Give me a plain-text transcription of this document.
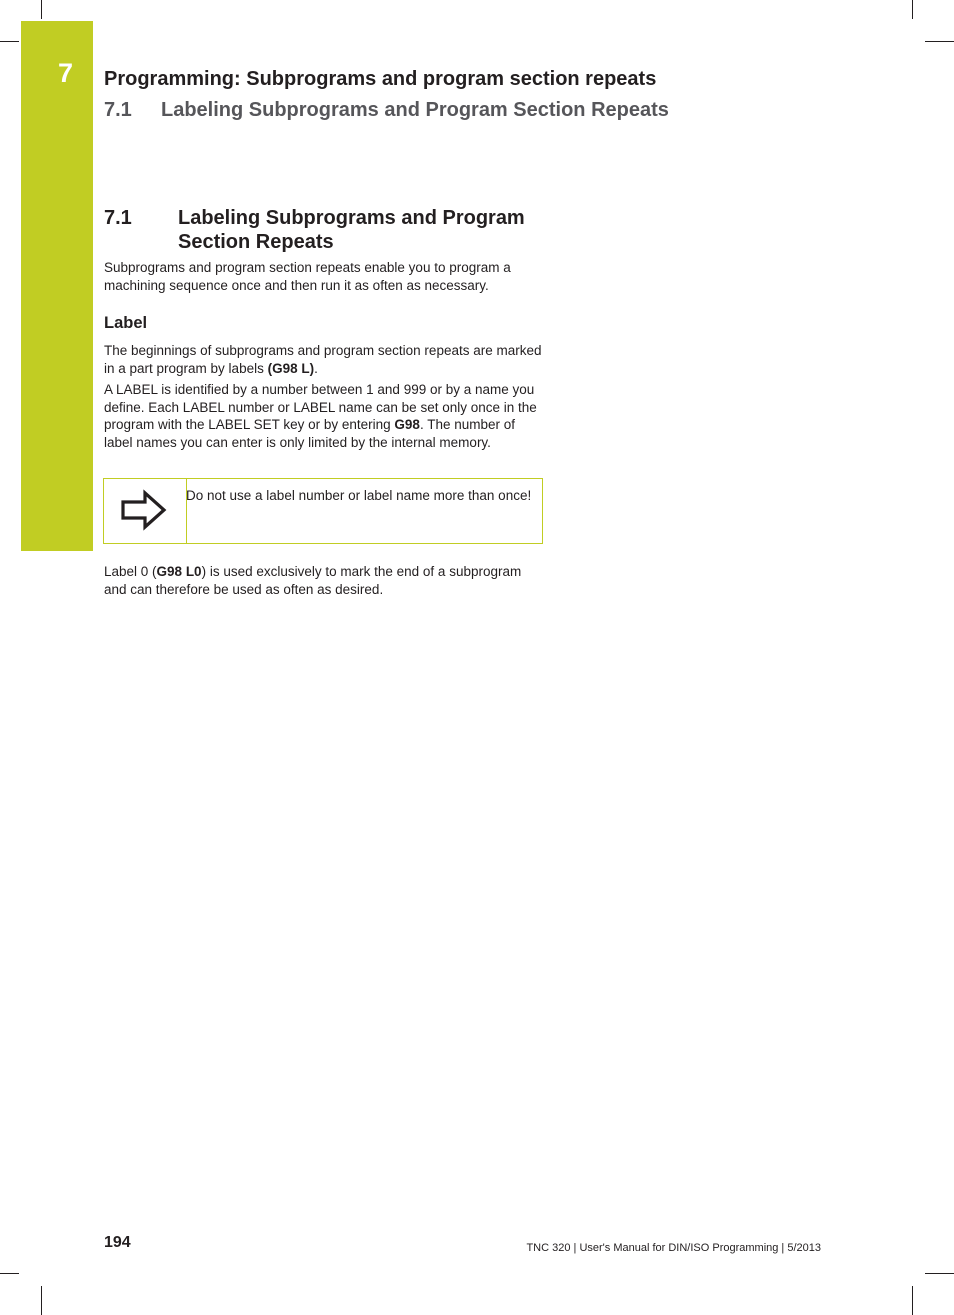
7 Programming: Subprograms and program section repeats
7.1 Labeling Subprograms and Program Section Repeats
7.1 Labeling Subprograms and Program Section Repeats

Subprograms and program section repeats enable you to program a machining sequence once and then run it as often as necessary.

Label

The beginnings of subprograms and program section repeats are marked in a part program by labels (G98 L).

A LABEL is identified by a number between 1 and 999 or by a name you define. Each LABEL number or LABEL name can be set only once in the program with the LABEL SET key or by entering G98. The number of label names you can enter is only limited by the internal memory.

Do not use a label number or label name more than once!

Label 0 (G98 L0) is used exclusively to mark the end of a subprogram and can therefore be used as often as desired.

194	TNC 320 | User's Manual for DIN/ISO Programming | 5/2013
